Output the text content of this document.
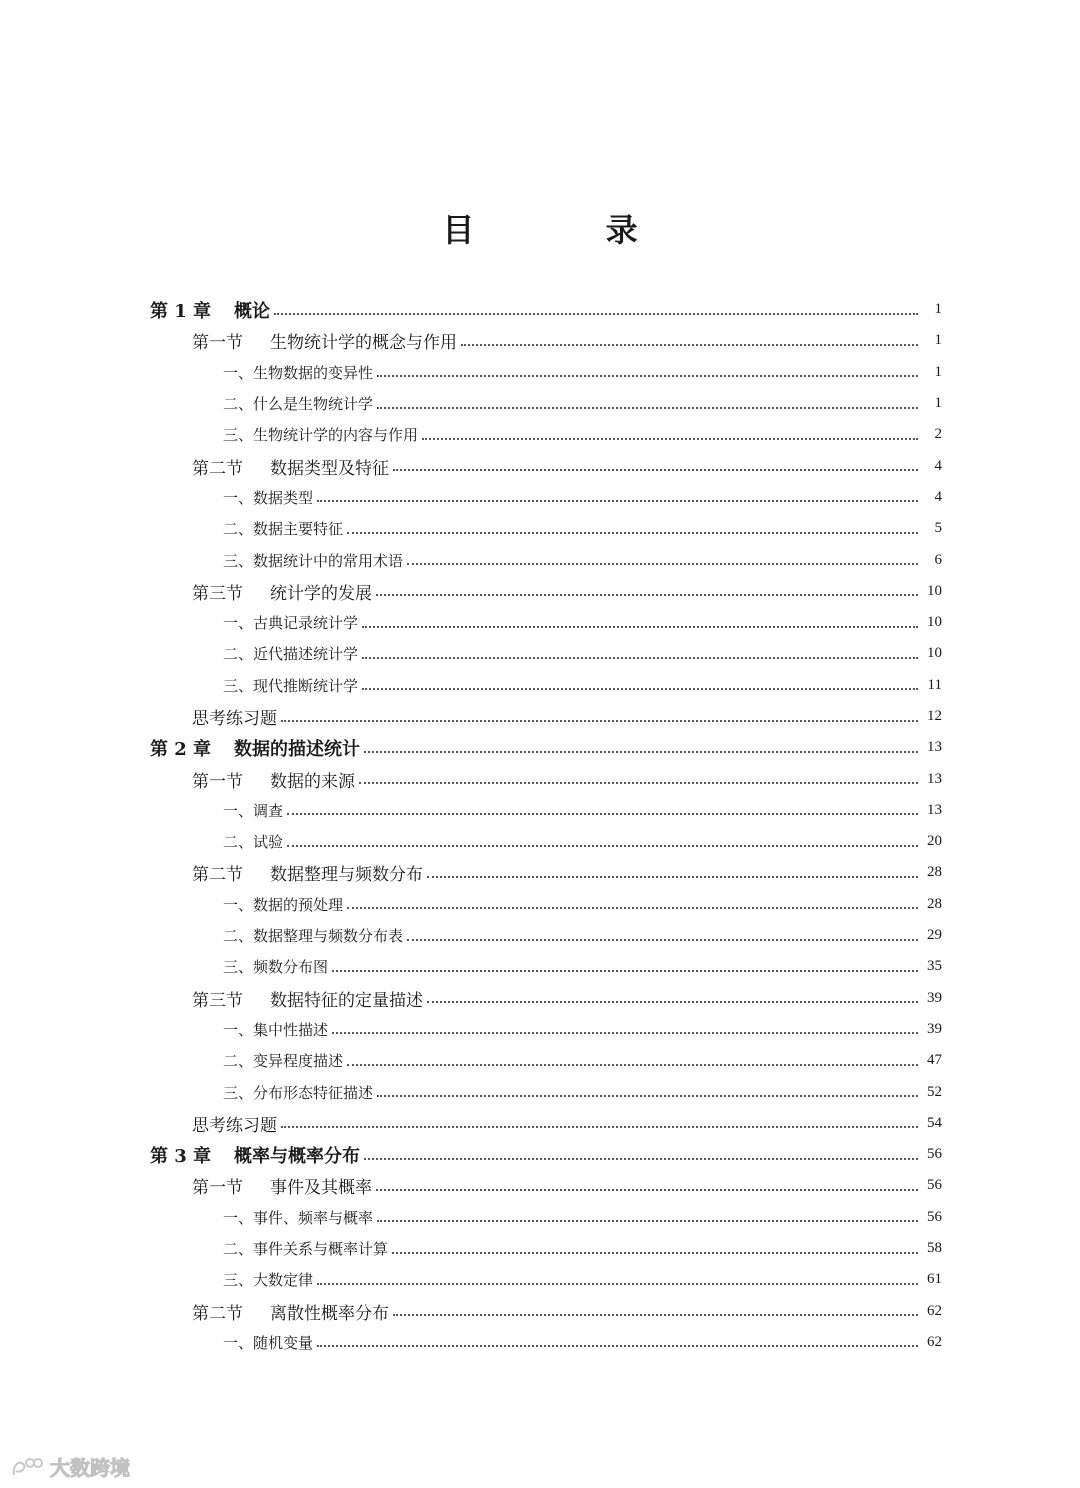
目 录
第 1 章	概论	1
第一节	生物统计学的概念与作用	1
一、生物数据的变异性	1
二、什么是生物统计学	1
三、生物统计学的内容与作用	2
第二节	数据类型及特征	4
一、数据类型	4
二、数据主要特征	5
三、数据统计中的常用术语	6
第三节	统计学的发展	10
一、古典记录统计学	10
二、近代描述统计学	10
三、现代推断统计学	11
思考练习题	12
第 2 章	数据的描述统计	13
第一节	数据的来源	13
一、调查	13
二、试验	20
第二节	数据整理与频数分布	28
一、数据的预处理	28
二、数据整理与频数分布表	29
三、频数分布图	35
第三节	数据特征的定量描述	39
一、集中性描述	39
二、变异程度描述	47
三、分布形态特征描述	52
思考练习题	54
第 3 章	概率与概率分布	56
第一节	事件及其概率	56
一、事件、频率与概率	56
二、事件关系与概率计算	58
三、大数定律	61
第二节	离散性概率分布	62
一、随机变量	62
大数跨境
